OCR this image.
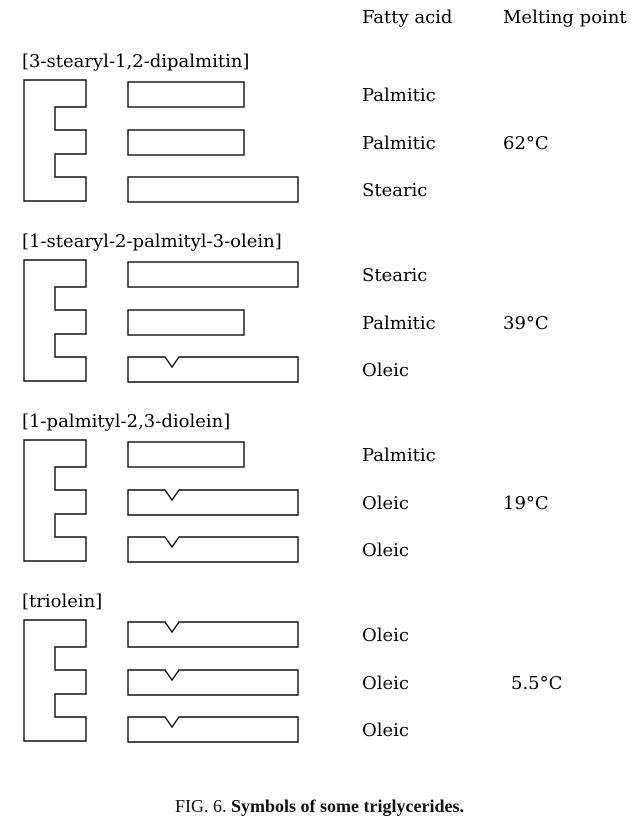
Fatty acid	Melting point
[3-stearyl-1,2-dipalmitin]
Palmitic
Palmitic
Stearic
62°C
[1-stearyl-2-palmityl-3-olein]
Stearic
Palmitic
Oleic
39°C
[1-palmityl-2,3-diolein]
Palmitic
Oleic
Oleic
19°C
[triolein]
Oleic
Oleic
Oleic
5.5°C
FIG. 6. Symbols of some triglycerides.
